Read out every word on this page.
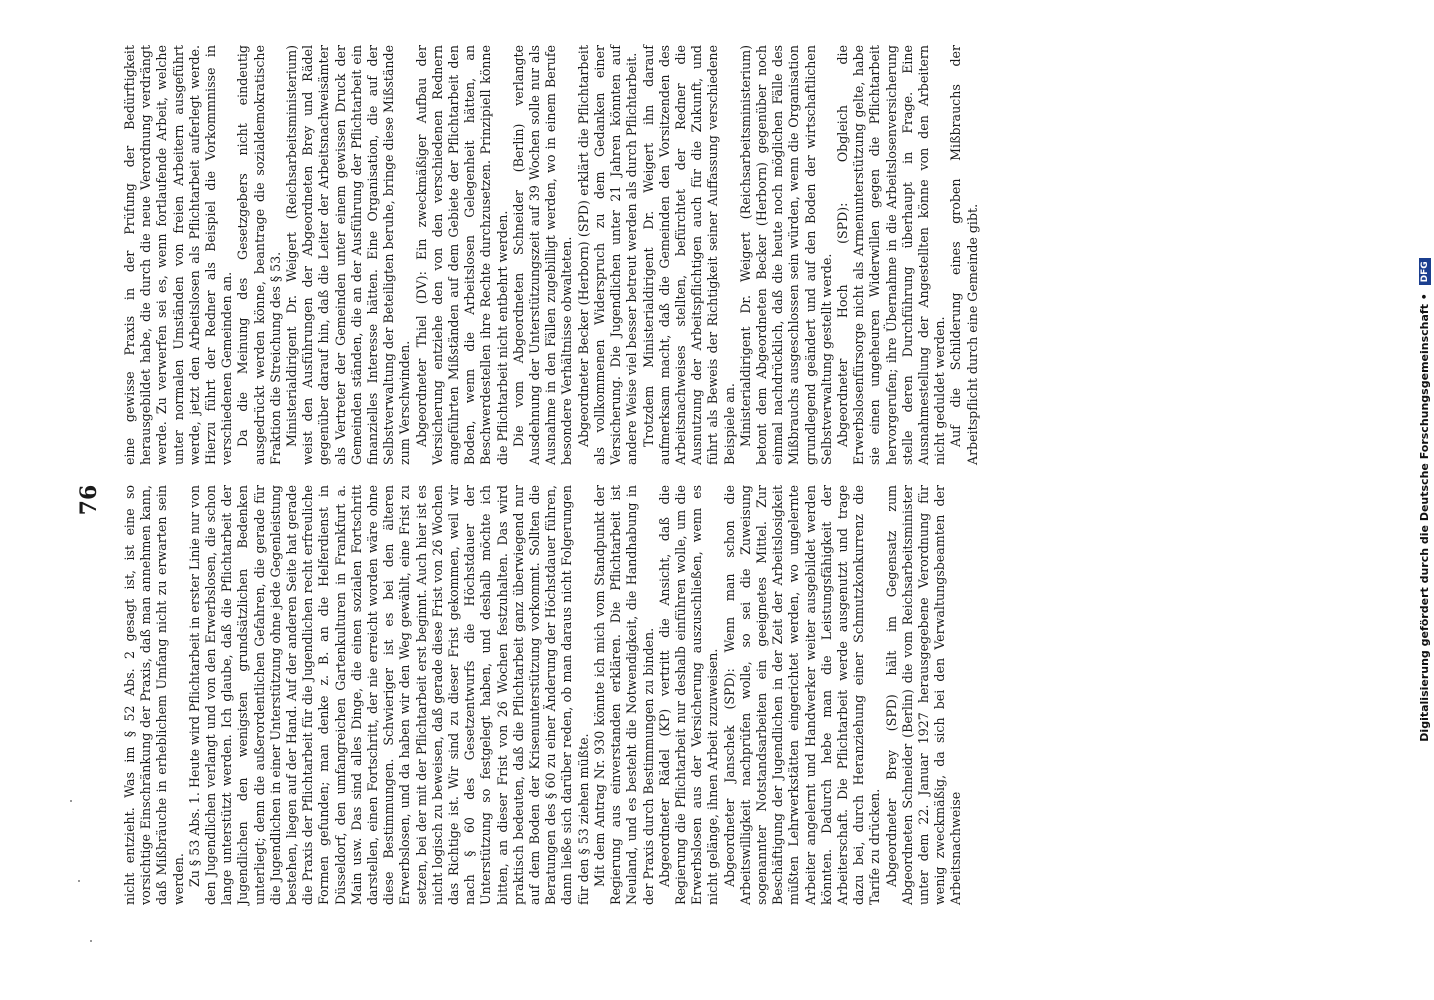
76 nicht entzieht. Was im § 52 Abs. 2 gesagt ist, ist eine so vorsichtige Einschränkung der Praxis, daß man annehmen kann, daß Mißbräuche in erheblichem Umfang nicht zu erwarten sein werden. Zu § 53 Abs. 1. Heute wird Pflichtarbeit in erster Linie nur von den Jugendlichen verlangt und von den Erwerbslosen, die schon lange unterstützt werden. Ich glaube, daß die Pflichtarbeit der Jugendlichen den wenigsten grundsätzlichen Bedenken unterliegt; denn die außerordentlichen Gefahren, die gerade für die Jugendlichen in einer Unterstützung ohne jede Gegenleistung bestehen, liegen auf der Hand. Auf der anderen Seite hat gerade die Praxis der Pflichtarbeit für die Jugendlichen recht erfreuliche Formen gefunden; man denke z. B. an die Helferdienst in Düsseldorf, den umfangreichen Gartenkulturen in Frankfurt a. Main usw. Das sind alles Dinge, die einen sozialen Fortschritt darstellen, einen Fortschritt, der nie erreicht worden wäre ohne diese Bestimmungen. Schwieriger ist es bei den älteren Erwerbslosen, und da haben wir den Weg gewählt, eine Frist zu setzen, bei der mit der Pflichtarbeit erst beginnt. Auch hier ist es nicht logisch zu beweisen, daß gerade diese Frist von 26 Wochen das Richtige ist. Wir sind zu dieser Frist gekommen, weil wir nach § 60 des Gesetzentwurfs die Höchstdauer der Unterstützung so festgelegt haben, und deshalb möchte ich bitten, an dieser Frist von 26 Wochen festzuhalten. Das wird praktisch bedeuten, daß die Pflichtarbeit ganz überwiegend nur auf dem Boden der Krisenunterstützung vorkommt. Sollten die Beratungen des § 60 zu einer Änderung der Höchstdauer führen, dann ließe sich darüber reden, ob man daraus nicht Folgerungen für den § 53 ziehen müßte. Mit dem Antrag Nr. 930 könnte ich mich vom Standpunkt der Regierung aus einverstanden erklären. Die Pflichtarbeit ist Neuland, und es besteht die Notwendigkeit, die Handhabung in der Praxis durch Bestimmungen zu binden. Abgeordneter Rädel (KP) vertritt die Ansicht, daß die Regierung die Pflichtarbeit nur deshalb einführen wolle, um die Erwerbslosen aus der Versicherung auszuschließen, wenn es nicht gelänge, ihnen Arbeit zuzuweisen. Abgeordneter Janschek (SPD): Wenn man schon die Arbeitswilligkeit nachprüfen wolle, so sei die Zuweisung sogenannter Notstandsarbeiten ein geeignetes Mittel. Zur Beschäftigung der Jugendlichen in der Zeit der Arbeitslosigkeit müßten Lehrwerkstätten eingerichtet werden, wo ungelernte Arbeiter angelernt und Handwerker weiter ausgebildet werden könnten. Dadurch hebe man die Leistungsfähigkeit der Arbeiterschaft. Die Pflichtarbeit werde ausgenutzt und trage dazu bei, durch Heranziehung einer Schmutzkonkurrenz die Tarife zu drücken. Abgeordneter Brey (SPD) hält im Gegensatz zum Abgeordneten Schneider (Berlin) die vom Reichsarbeitsminister unter dem 22. Januar 1927 herausgegebene Verordnung für wenig zweckmäßig, da sich bei den Verwaltungsbeamten der Arbeitsnachweise

eine gewisse Praxis in der Prüfung der Bedürftigkeit herausgebildet habe, die durch die neue Verordnung verdrängt werde. Zu verwerfen sei es, wenn fortlaufende Arbeit, welche unter normalen Umständen von freien Arbeitern ausgeführt werde, jetzt den Arbeitslosen als Pflichtarbeit auferlegt werde. Hierzu führt der Redner als Beispiel die Vorkommnisse in verschiedenen Gemeinden an. Da die Meinung des Gesetzgebers nicht eindeutig ausgedrückt werden könne, beantrage die sozialdemokratische Fraktion die Streichung des § 53. Ministerialdirigent Dr. Weigert (Reichsarbeitsministerium) weist den Ausführungen der Abgeordneten Brey und Rädel gegenüber darauf hin, daß die Leiter der Arbeitsnachweisämter als Vertreter der Gemeinden unter einem gewissen Druck der Gemeinden ständen, die an der Ausführung der Pflichtarbeit ein finanzielles Interesse hätten. Eine Organisation, die auf der Selbstverwaltung der Beteiligten beruhe, bringe diese Mißstände zum Verschwinden. Abgeordneter Thiel (DV): Ein zweckmäßiger Aufbau der Versicherung entziehe den von den verschiedenen Rednern angeführten Mißständen auf dem Gebiete der Pflichtarbeit den Boden, wenn die Arbeitslosen Gelegenheit hätten, an Beschwerdestellen ihre Rechte durchzusetzen. Prinzipiell könne die Pflichtarbeit nicht entbehrt werden. Die vom Abgeordneten Schneider (Berlin) verlangte Ausdehnung der Unterstützungszeit auf 39 Wochen solle nur als Ausnahme in den Fällen zugebilligt werden, wo in einem Berufe besondere Verhältnisse obwalteten. Abgeordneter Becker (Herborn) (SPD) erklärt die Pflichtarbeit als vollkommenen Widerspruch zu dem Gedanken einer Versicherung. Die Jugendlichen unter 21 Jahren könnten auf andere Weise viel besser betreut werden als durch Pflichtarbeit. Trotzdem Ministerialdirigent Dr. Weigert ihn darauf aufmerksam macht, daß die Gemeinden den Vorsitzenden des Arbeitsnachweises stellten, befürchtet der Redner die Ausnutzung der Arbeitspflichtigen auch für die Zukunft, und führt als Beweis der Richtigkeit seiner Auffassung verschiedene Beispiele an. Ministerialdirigent Dr. Weigert (Reichsarbeitsministerium) betont dem Abgeordneten Becker (Herborn) gegenüber noch einmal nachdrücklich, daß die heute noch möglichen Fälle des Mißbrauchs ausgeschlossen sein würden, wenn die Organisation grundlegend geändert und auf den Boden der wirtschaftlichen Selbstverwaltung gestellt werde. Abgeordneter Hoch (SPD): Obgleich die Erwerbslosenfürsorge nicht als Armenunterstützung gelte, habe sie einen ungeheuren Widerwillen gegen die Pflichtarbeit hervorgerufen; ihre Übernahme in die Arbeitslosenversicherung stelle deren Durchführung überhaupt in Frage. Eine Ausnahmestellung der Angestellten könne von den Arbeitern nicht geduldet werden. Auf die Schilderung eines groben Mißbrauchs der Arbeitspflicht durch eine Gemeinde gibt.	Digitalisierung gefördert durch die Deutsche Forschungsgemeinschaft • DFG
